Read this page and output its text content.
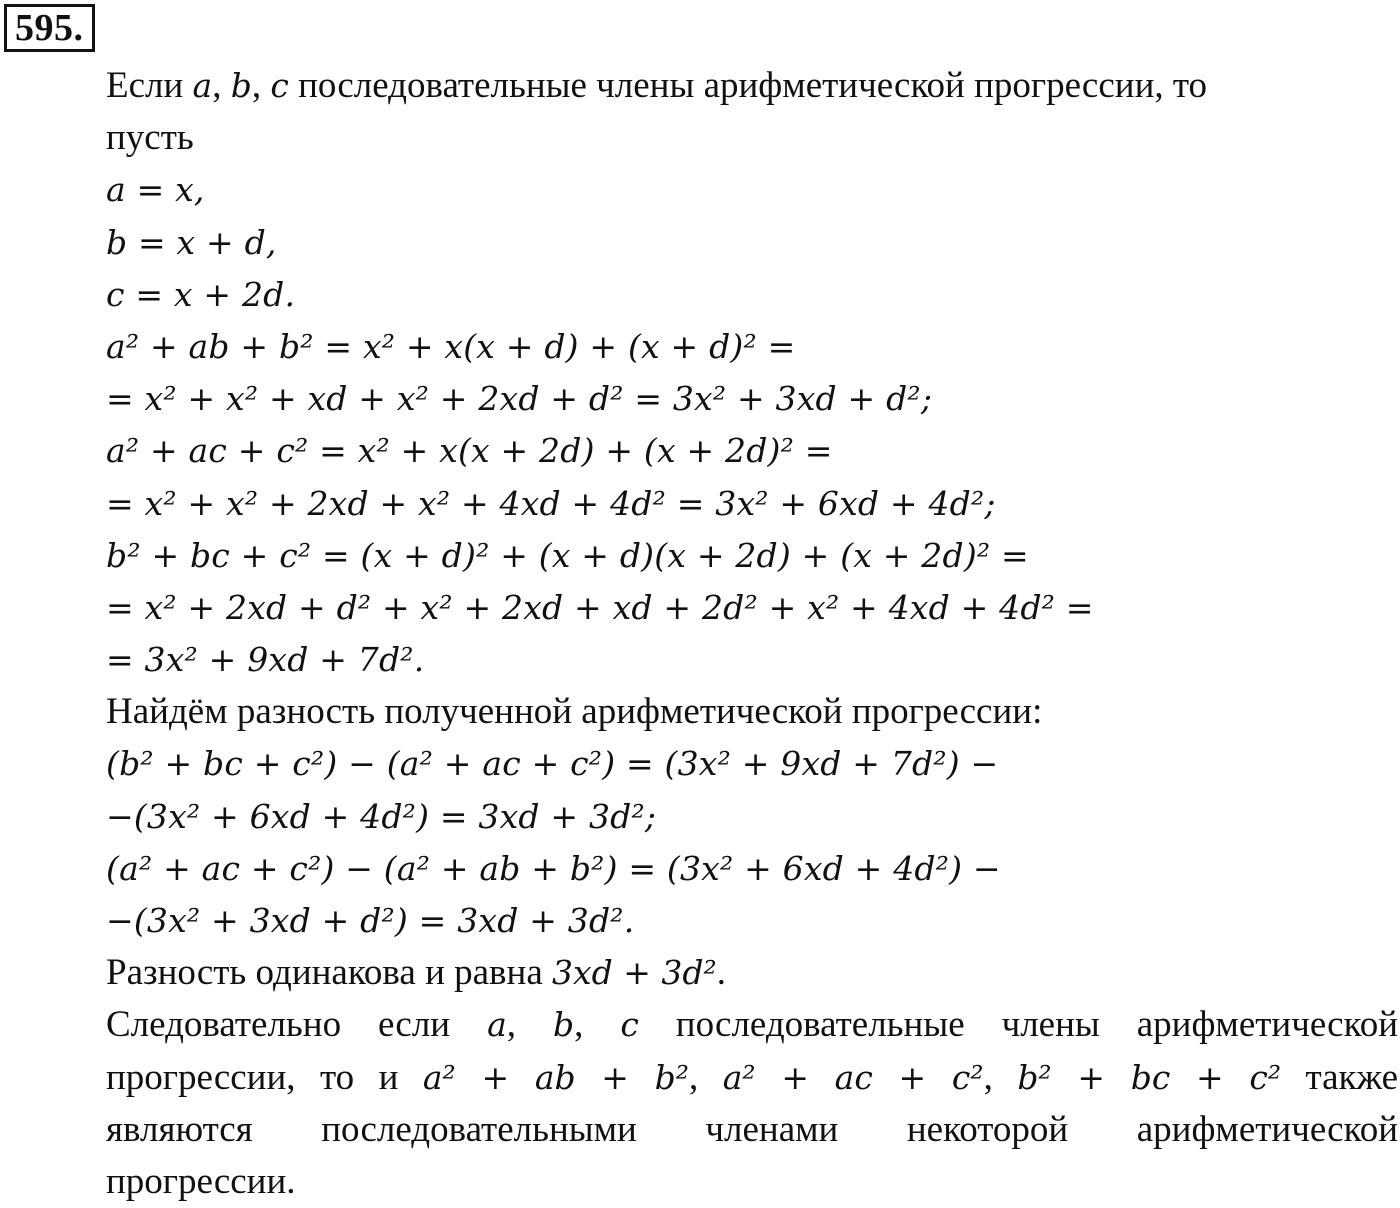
595.
Если a, b, c последовательные члены арифметической прогрессии, то
пусть
a = x,
b = x + d,
c = x + 2d.
a² + ab + b² = x² + x(x + d) + (x + d)² =
= x² + x² + xd + x² + 2xd + d² = 3x² + 3xd + d²;
a² + ac + c² = x² + x(x + 2d) + (x + 2d)² =
= x² + x² + 2xd + x² + 4xd + 4d² = 3x² + 6xd + 4d²;
b² + bc + c² = (x + d)² + (x + d)(x + 2d) + (x + 2d)² =
= x² + 2xd + d² + x² + 2xd + xd + 2d² + x² + 4xd + 4d² =
= 3x² + 9xd + 7d².
Найдём разность полученной арифметической прогрессии:
(b² + bc + c²) − (a² + ac + c²) = (3x² + 9xd + 7d²) −
−(3x² + 6xd + 4d²) = 3xd + 3d²;
(a² + ac + c²) − (a² + ab + b²) = (3x² + 6xd + 4d²) −
−(3x² + 3xd + d²) = 3xd + 3d².
Разность одинакова и равна 3xd + 3d².
Следовательно если a, b, c последовательные члены арифметической
прогрессии, то и a² + ab + b², a² + ac + c², b² + bc + c² также
являются последовательными членами некоторой арифметической
прогрессии.
